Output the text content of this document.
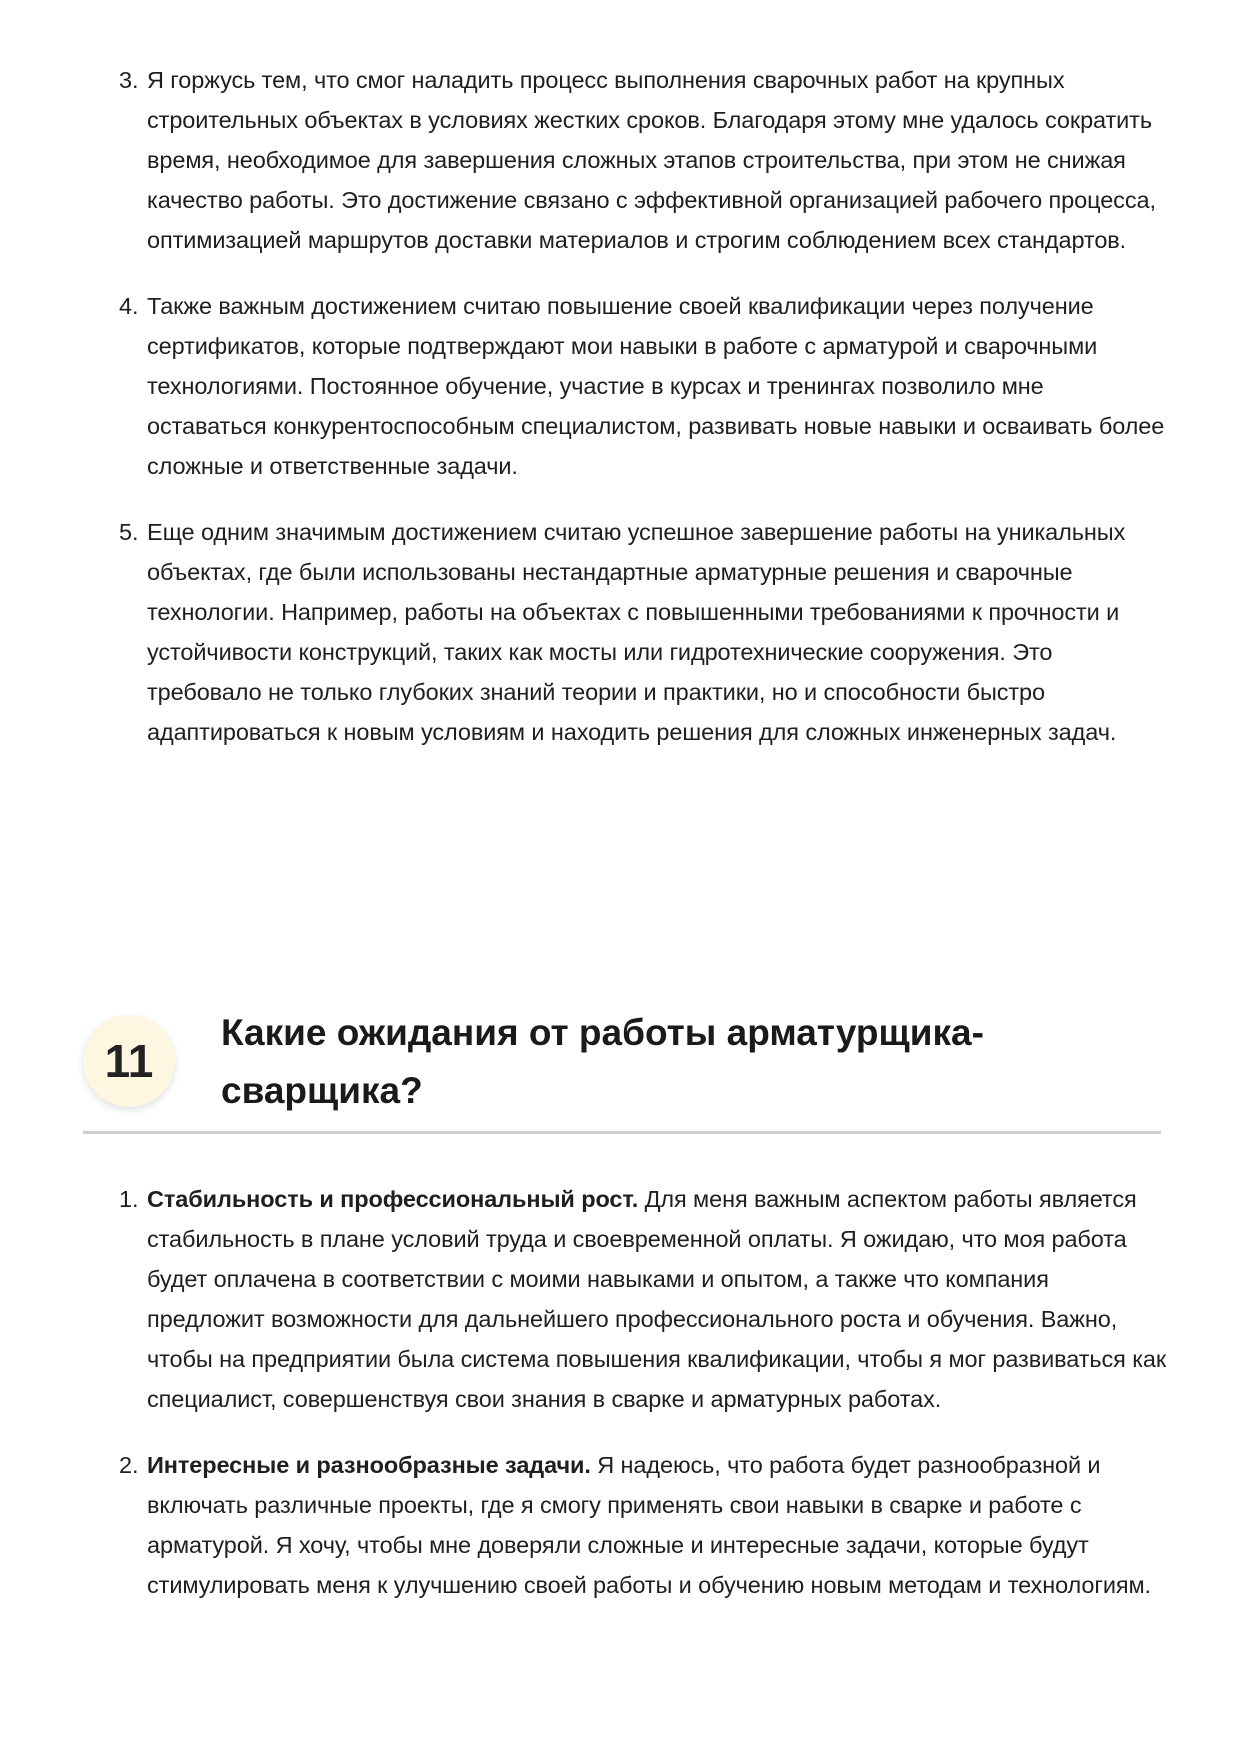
3. Я горжусь тем, что смог наладить процесс выполнения сварочных работ на крупных строительных объектах в условиях жестких сроков. Благодаря этому мне удалось сократить время, необходимое для завершения сложных этапов строительства, при этом не снижая качество работы. Это достижение связано с эффективной организацией рабочего процесса, оптимизацией маршрутов доставки материалов и строгим соблюдением всех стандартов.
4. Также важным достижением считаю повышение своей квалификации через получение сертификатов, которые подтверждают мои навыки в работе с арматурой и сварочными технологиями. Постоянное обучение, участие в курсах и тренингах позволило мне оставаться конкурентоспособным специалистом, развивать новые навыки и осваивать более сложные и ответственные задачи.
5. Еще одним значимым достижением считаю успешное завершение работы на уникальных объектах, где были использованы нестандартные арматурные решения и сварочные технологии. Например, работы на объектах с повышенными требованиями к прочности и устойчивости конструкций, таких как мосты или гидротехнические сооружения. Это требовало не только глубоких знаний теории и практики, но и способности быстро адаптироваться к новым условиям и находить решения для сложных инженерных задач.
11
Какие ожидания от работы арматурщика-сварщика?
1. Стабильность и профессиональный рост. Для меня важным аспектом работы является стабильность в плане условий труда и своевременной оплаты. Я ожидаю, что моя работа будет оплачена в соответствии с моими навыками и опытом, а также что компания предложит возможности для дальнейшего профессионального роста и обучения. Важно, чтобы на предприятии была система повышения квалификации, чтобы я мог развиваться как специалист, совершенствуя свои знания в сварке и арматурных работах.
2. Интересные и разнообразные задачи. Я надеюсь, что работа будет разнообразной и включать различные проекты, где я смогу применять свои навыки в сварке и работе с арматурой. Я хочу, чтобы мне доверяли сложные и интересные задачи, которые будут стимулировать меня к улучшению своей работы и обучению новым методам и технологиям.
